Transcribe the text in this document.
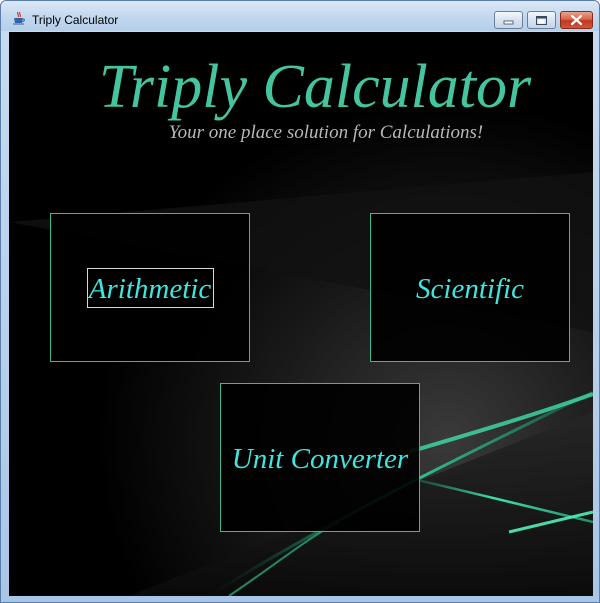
Triply Calculator
Triply Calculator
Your one place solution for Calculations!
Arithmetic	Scientific
Unit Converter
